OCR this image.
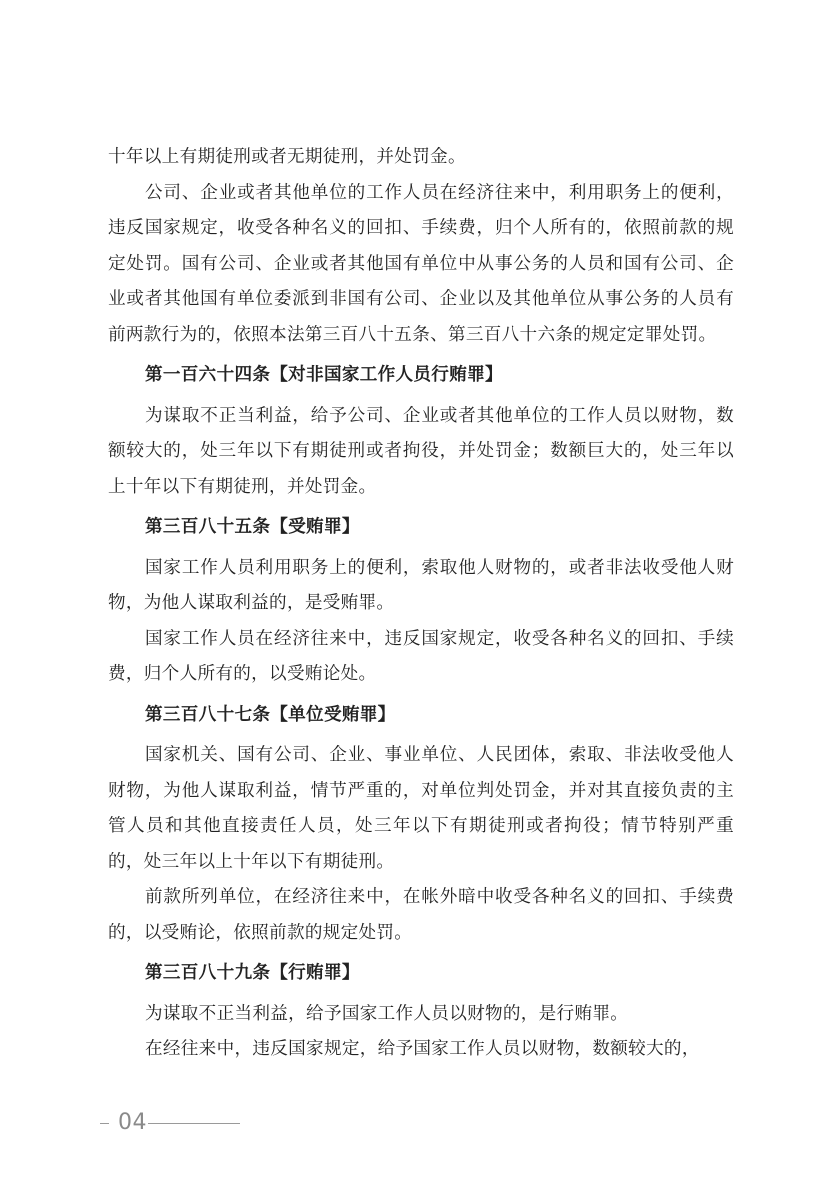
十年以上有期徒刑或者无期徒刑，并处罚金。

公司、企业或者其他单位的工作人员在经济往来中，利用职务上的便利，违反国家规定，收受各种名义的回扣、手续费，归个人所有的，依照前款的规定处罚。国有公司、企业或者其他国有单位中从事公务的人员和国有公司、企业或者其他国有单位委派到非国有公司、企业以及其他单位从事公务的人员有前两款行为的，依照本法第三百八十五条、第三百八十六条的规定定罪处罚。

第一百六十四条【对非国家工作人员行贿罪】

为谋取不正当利益，给予公司、企业或者其他单位的工作人员以财物，数额较大的，处三年以下有期徒刑或者拘役，并处罚金；数额巨大的，处三年以上十年以下有期徒刑，并处罚金。

第三百八十五条【受贿罪】

国家工作人员利用职务上的便利，索取他人财物的，或者非法收受他人财物，为他人谋取利益的，是受贿罪。

国家工作人员在经济往来中，违反国家规定，收受各种名义的回扣、手续费，归个人所有的，以受贿论处。

第三百八十七条【单位受贿罪】

国家机关、国有公司、企业、事业单位、人民团体，索取、非法收受他人财物，为他人谋取利益，情节严重的，对单位判处罚金，并对其直接负责的主管人员和其他直接责任人员，处三年以下有期徒刑或者拘役；情节特别严重的，处三年以上十年以下有期徒刑。

前款所列单位，在经济往来中，在帐外暗中收受各种名义的回扣、手续费的，以受贿论，依照前款的规定处罚。

第三百八十九条【行贿罪】

为谋取不正当利益，给予国家工作人员以财物的，是行贿罪。

在经往来中，违反国家规定，给予国家工作人员以财物，数额较大的，

04
